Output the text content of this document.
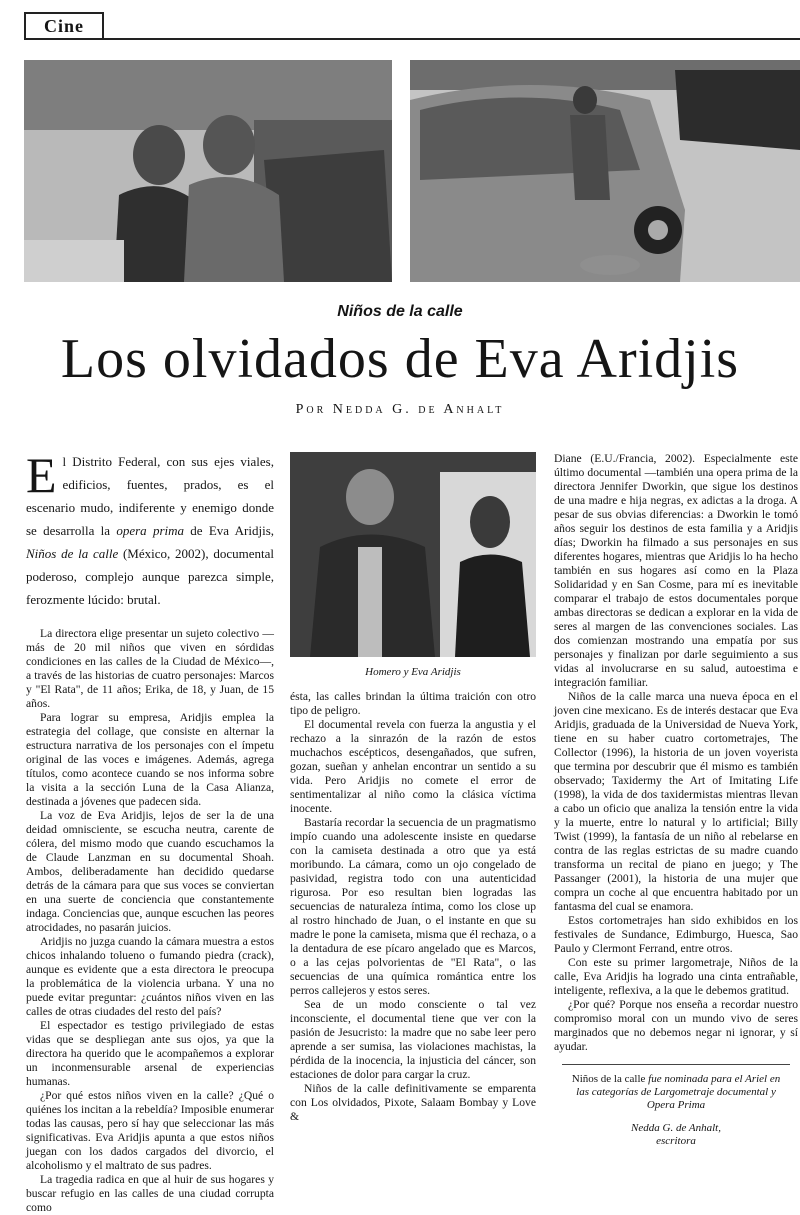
Cine
Niños de la calle
Los olvidados de Eva Aridjis
Por Nedda G. de Anhalt
El Distrito Federal, con sus ejes viales, edificios, fuentes, prados, es el escenario mudo, indiferente y enemigo donde se desarrolla la opera prima de Eva Aridjis, Niños de la calle (México, 2002), documental poderoso, complejo aunque parezca simple, ferozmente lúcido: brutal.

La directora elige presentar un sujeto colectivo —más de 20 mil niños que viven en sórdidas condiciones en las calles de la Ciudad de México—, a través de las historias de cuatro personajes: Marcos y "El Rata", de 11 años; Erika, de 18, y Juan, de 15 años.

Para lograr su empresa, Aridjis emplea la estrategia del collage, que consiste en alternar la estructura narrativa de los personajes con el ímpetu original de las voces e imágenes. Además, agrega títulos, como acontece cuando se nos informa sobre la visita a la sección Luna de la Casa Alianza, destinada a jóvenes que padecen sida.

La voz de Eva Aridjis, lejos de ser la de una deidad omnisciente, se escucha neutra, carente de cólera, del mismo modo que cuando escuchamos la de Claude Lanzman en su documental Shoah. Ambos, deliberadamente han decidido quedarse detrás de la cámara para que sus voces se conviertan en una suerte de conciencia que constantemente indaga. Conciencias que, aunque escuchen las peores atrocidades, no pasarán juicios.

Aridjis no juzga cuando la cámara muestra a estos chicos inhalando tolueno o fumando piedra (crack), aunque es evidente que a esta directora le preocupa la problemática de la violencia urbana. Y una no puede evitar preguntar: ¿cuántos niños viven en las calles de otras ciudades del resto del país?

El espectador es testigo privilegiado de estas vidas que se despliegan ante sus ojos, ya que la directora ha querido que le acompañemos a explorar un inconmensurable arsenal de experiencias humanas.

¿Por qué estos niños viven en la calle? ¿Qué o quiénes los incitan a la rebeldía? Imposible enumerar todas las causas, pero sí hay que seleccionar las más significativas. Eva Aridjis apunta a que estos niños juegan con los dados cargados del divorcio, el alcoholismo y el maltrato de sus padres.

La tragedia radica en que al huir de sus hogares y buscar refugio en las calles de una ciudad corrupta como

Homero y Eva Aridjis

ésta, las calles brindan la última traición con otro tipo de peligro.

El documental revela con fuerza la angustia y el rechazo a la sinrazón de la razón de estos muchachos escépticos, desengañados, que sufren, gozan, sueñan y anhelan encontrar un sentido a su vida. Pero Aridjis no comete el error de sentimentalizar al niño como la clásica víctima inocente.

Bastaría recordar la secuencia de un pragmatismo impío cuando una adolescente insiste en quedarse con la camiseta destinada a otro que ya está moribundo. La cámara, como un ojo congelado de pasividad, registra todo con una autenticidad rigurosa. Por eso resultan bien logradas las secuencias de naturaleza íntima, como los close up al rostro hinchado de Juan, o el instante en que su madre le pone la camiseta, misma que él rechaza, o a la dentadura de ese pícaro angelado que es Marcos, o a las cejas polvorientas de "El Rata", o las secuencias de una química romántica entre los perros callejeros y estos seres.

Sea de un modo consciente o tal vez inconsciente, el documental tiene que ver con la pasión de Jesucristo: la madre que no sabe leer pero aprende a ser sumisa, las violaciones machistas, la pérdida de la inocencia, la injusticia del cáncer, son estaciones de dolor para cargar la cruz.

Niños de la calle definitivamente se emparenta con Los olvidados, Pixote, Salaam Bombay y Love &

Diane (E.U./Francia, 2002). Especialmente este último documental —también una opera prima de la directora Jennifer Dworkin, que sigue los destinos de una madre e hija negras, ex adictas a la droga. A pesar de sus obvias diferencias: a Dworkin le tomó años seguir los destinos de esta familia y a Aridjis días; Dworkin ha filmado a sus personajes en sus diferentes hogares, mientras que Aridjis lo ha hecho también en sus hogares así como en la Plaza Solidaridad y en San Cosme, para mí es inevitable comparar el trabajo de estos documentales porque ambas directoras se dedican a explorar en la vida de seres al margen de las convenciones sociales. Las dos comienzan mostrando una empatía por sus personajes y finalizan por darle seguimiento a sus vidas al involucrarse en su salud, autoestima e integración familiar.

Niños de la calle marca una nueva época en el joven cine mexicano. Es de interés destacar que Eva Aridjis, graduada de la Universidad de Nueva York, tiene en su haber cuatro cortometrajes, The Collector (1996), la historia de un joven voyerista que termina por descubrir que él mismo es también observado; Taxidermy the Art of Imitating Life (1998), la vida de dos taxidermistas mientras llevan a cabo un oficio que analiza la tensión entre la vida y la muerte, entre lo natural y lo artificial; Billy Twist (1999), la fantasía de un niño al rebelarse en contra de las reglas estrictas de su madre cuando transforma un recital de piano en juego; y The Passanger (2001), la historia de una mujer que compra un coche al que encuentra habitado por un fantasma del cual se enamora.

Estos cortometrajes han sido exhibidos en los festivales de Sundance, Edimburgo, Huesca, Sao Paulo y Clermont Ferrand, entre otros.

Con este su primer largometraje, Niños de la calle, Eva Aridjis ha logrado una cinta entrañable, inteligente, reflexiva, a la que le debemos gratitud.

¿Por qué? Porque nos enseña a recordar nuestro compromiso moral con un mundo vivo de seres marginados que no debemos negar ni ignorar, y sí ayudar.

Niños de la calle fue nominada para el Ariel en las categorías de Largometraje documental y Opera Prima
Nedda G. de Anhalt,
escritora
